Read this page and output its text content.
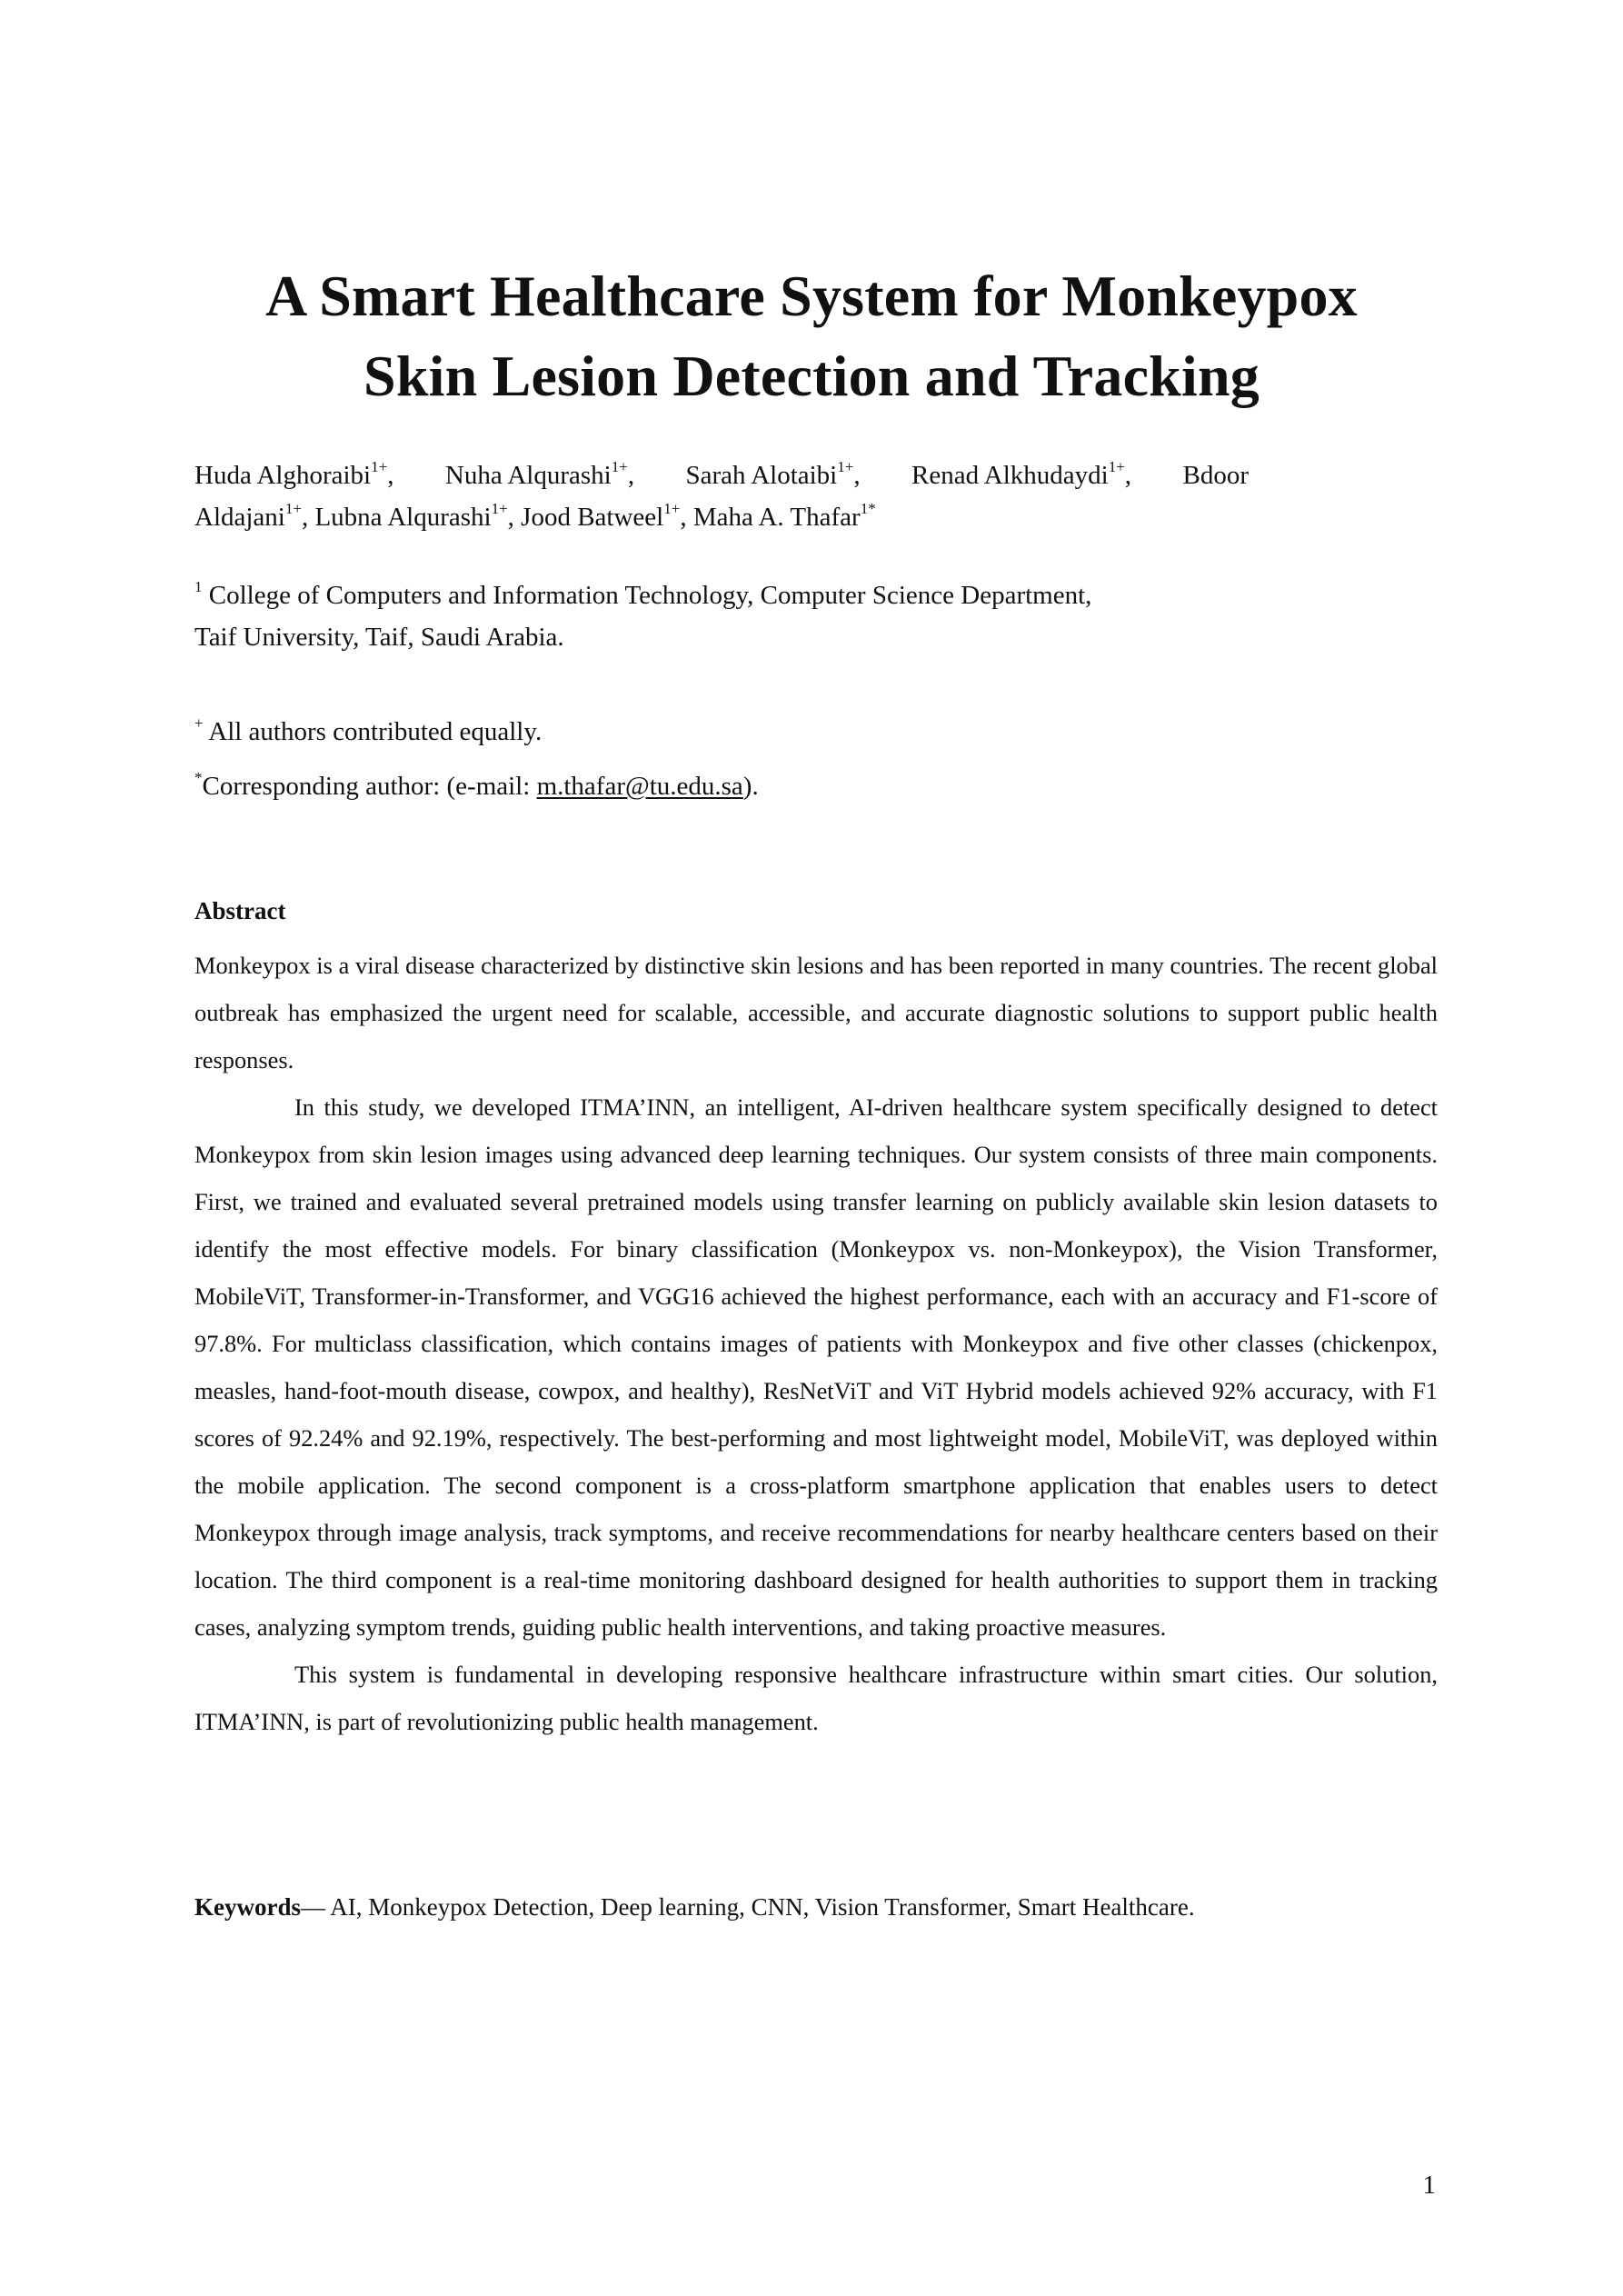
A Smart Healthcare System for Monkeypox
Skin Lesion Detection and Tracking
Huda Alghoraibi$^{1+}$, Nuha Alqurashi$^{1+}$, Sarah Alotaibi$^{1+}$, Renad Alkhudaydi$^{1+}$, Bdoor
Aldajani$^{1+}$, Lubna Alqurashi$^{1+}$, Jood Batweel$^{1+}$, Maha A. Thafar$^{1*}$
$^1$ College of Computers and Information Technology, Computer Science Department,
Taif University, Taif, Saudi Arabia.
+ All authors contributed equally.
*Corresponding author: (e-mail: m.thafar@tu.edu.sa).
Abstract

Monkeypox is a viral disease characterized by distinctive skin lesions and has been reported in many countries. The recent global outbreak has emphasized the urgent need for scalable, accessible, and accurate diagnostic solutions to support public health responses.

In this study, we developed ITMA’INN, an intelligent, AI-driven healthcare system specifically designed to detect Monkeypox from skin lesion images using advanced deep learning techniques. Our system consists of three main components. First, we trained and evaluated several pretrained models using transfer learning on publicly available skin lesion datasets to identify the most effective models. For binary classification (Monkeypox vs. non-Monkeypox), the Vision Transformer, MobileViT, Transformer-in-Transformer, and VGG16 achieved the highest performance, each with an accuracy and F1-score of 97.8%. For multiclass classification, which contains images of patients with Monkeypox and five other classes (chickenpox, measles, hand-foot-mouth disease, cowpox, and healthy), ResNetViT and ViT Hybrid models achieved 92% accuracy, with F1 scores of 92.24% and 92.19%, respectively. The best-performing and most lightweight model, MobileViT, was deployed within the mobile application. The second component is a cross-platform smartphone application that enables users to detect Monkeypox through image analysis, track symptoms, and receive recommendations for nearby healthcare centers based on their location. The third component is a real-time monitoring dashboard designed for health authorities to support them in tracking cases, analyzing symptom trends, guiding public health interventions, and taking proactive measures.

This system is fundamental in developing responsive healthcare infrastructure within smart cities. Our solution, ITMA’INN, is part of revolutionizing public health management.

Keywords— AI, Monkeypox Detection, Deep learning, CNN, Vision Transformer, Smart Healthcare.
1
